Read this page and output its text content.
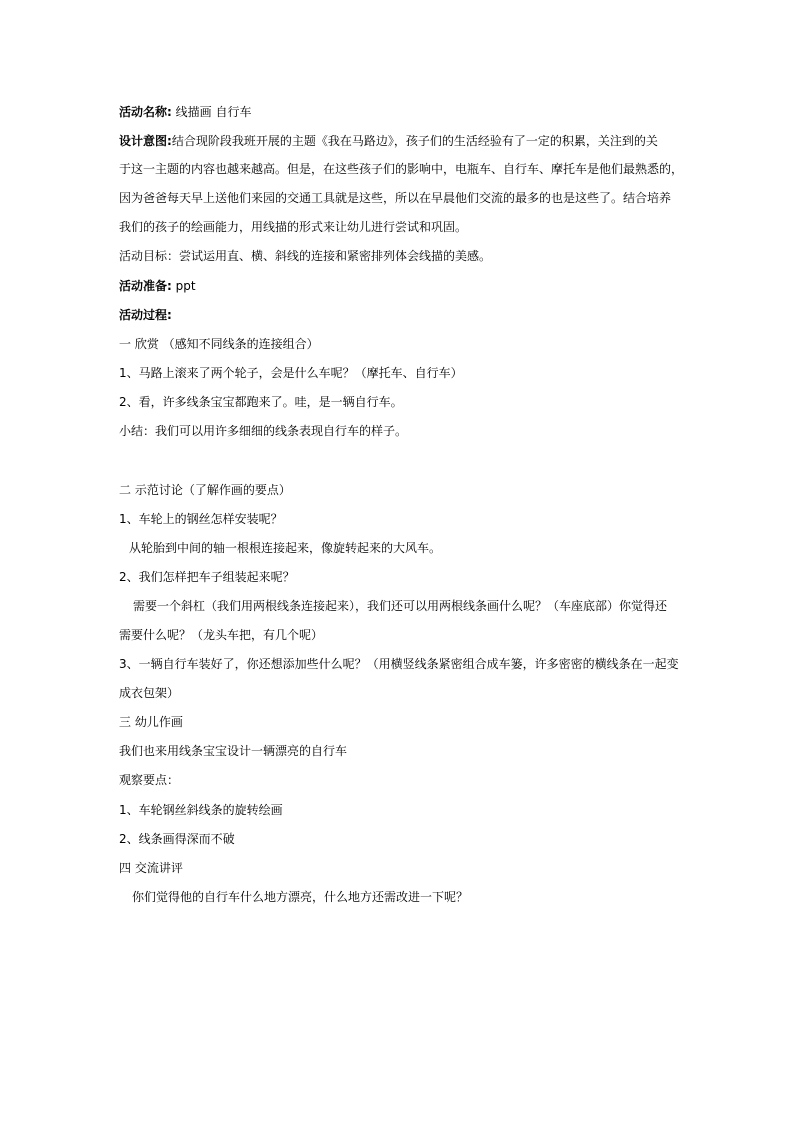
活动名称: 线描画 自行车
设计意图:结合现阶段我班开展的主题《我在马路边》，孩子们的生活经验有了一定的积累，关注到的关
于这一主题的内容也越来越高。但是，在这些孩子们的影响中，电瓶车、自行车、摩托车是他们最熟悉的，
因为爸爸每天早上送他们来园的交通工具就是这些，所以在早晨他们交流的最多的也是这些了。结合培养
我们的孩子的绘画能力，用线描的形式来让幼儿进行尝试和巩固。
活动目标：尝试运用直、横、斜线的连接和紧密排列体会线描的美感。
活动准备: ppt
活动过程:
一 欣赏 （感知不同线条的连接组合）
1、马路上滚来了两个轮子，会是什么车呢？（摩托车、自行车）
2、看，许多线条宝宝都跑来了。哇，是一辆自行车。
小结：我们可以用许多细细的线条表现自行车的样子。
二 示范讨论（了解作画的要点）
1、车轮上的钢丝怎样安装呢？
从轮胎到中间的轴一根根连接起来，像旋转起来的大风车。
2、我们怎样把车子组装起来呢？
需要一个斜杠（我们用两根线条连接起来），我们还可以用两根线条画什么呢？（车座底部）你觉得还
需要什么呢？（龙头车把，有几个呢）
3、一辆自行车装好了，你还想添加些什么呢？（用横竖线条紧密组合成车篓，许多密密的横线条在一起变
成衣包架）
三 幼儿作画
我们也来用线条宝宝设计一辆漂亮的自行车
观察要点：
1、车轮钢丝斜线条的旋转绘画
2、线条画得深而不破
四 交流讲评
你们觉得他的自行车什么地方漂亮，什么地方还需改进一下呢？
